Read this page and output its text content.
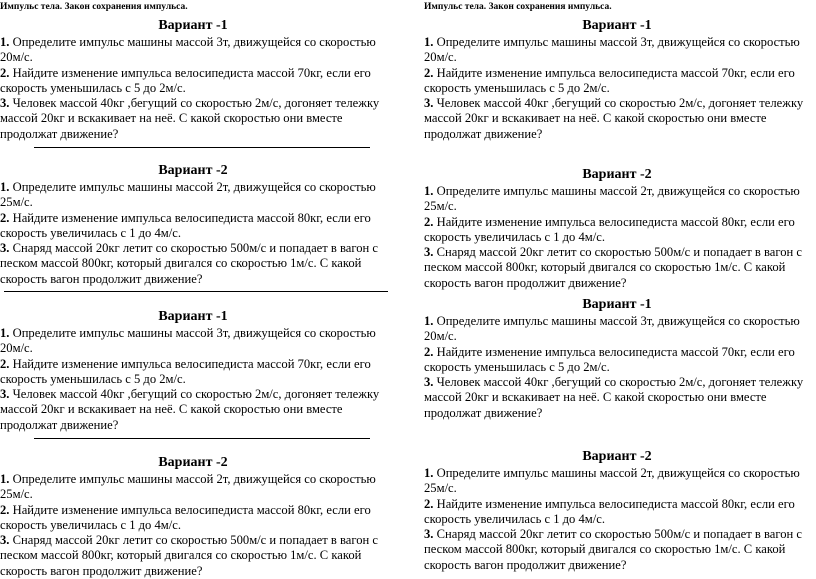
Импульс тела. Закон сохранения импульса.
Вариант -1

1. Определите импульс машины массой 3т, движущейся со скоростью 20м/с.

2. Найдите изменение импульса велосипедиста массой 70кг, если его скорость уменьшилась с 5 до 2м/с.

3. Человек массой 40кг ,бегущий со скоростью 2м/с, догоняет тележку массой 20кг и вскакивает на неё. С какой скоростью они вместе продолжат движение?

Вариант -2

1. Определите импульс машины массой 2т, движущейся со скоростью 25м/с.

2. Найдите изменение импульса велосипедиста массой 80кг, если его скорость увеличилась с 1 до 4м/с.

3. Снаряд массой 20кг летит со скоростью 500м/с и попадает в вагон с песком массой 800кг, который двигался со скоростью 1м/с. С какой скорость вагон продолжит движение?

Вариант -1

1. Определите импульс машины массой 3т, движущейся со скоростью 20м/с.

2. Найдите изменение импульса велосипедиста массой 70кг, если его скорость уменьшилась с 5 до 2м/с.

3. Человек массой 40кг ,бегущий со скоростью 2м/с, догоняет тележку массой 20кг и вскакивает на неё. С какой скоростью они вместе продолжат движение?

Вариант -2

1. Определите импульс машины массой 2т, движущейся со скоростью 25м/с.

2. Найдите изменение импульса велосипедиста массой 80кг, если его скорость увеличилась с 1 до 4м/с.

3. Снаряд массой 20кг летит со скоростью 500м/с и попадает в вагон с песком массой 800кг, который двигался со скоростью 1м/с. С какой скорость вагон продолжит движение?

Импульс тела. Закон сохранения импульса.
Вариант -1

1. Определите импульс машины массой 3т, движущейся со скоростью 20м/с.

2. Найдите изменение импульса велосипедиста массой 70кг, если его скорость уменьшилась с 5 до 2м/с.

3. Человек массой 40кг ,бегущий со скоростью 2м/с, догоняет тележку массой 20кг и вскакивает на неё. С какой скоростью они вместе продолжат движение?

Вариант -2

1. Определите импульс машины массой 2т, движущейся со скоростью 25м/с.

2. Найдите изменение импульса велосипедиста массой 80кг, если его скорость увеличилась с 1 до 4м/с.

3. Снаряд массой 20кг летит со скоростью 500м/с и попадает в вагон с песком массой 800кг, который двигался со скоростью 1м/с. С какой скорость вагон продолжит движение?

Вариант -1

1. Определите импульс машины массой 3т, движущейся со скоростью 20м/с.

2. Найдите изменение импульса велосипедиста массой 70кг, если его скорость уменьшилась с 5 до 2м/с.

3. Человек массой 40кг ,бегущий со скоростью 2м/с, догоняет тележку массой 20кг и вскакивает на неё. С какой скоростью они вместе продолжат движение?

Вариант -2

1. Определите импульс машины массой 2т, движущейся со скоростью 25м/с.

2. Найдите изменение импульса велосипедиста массой 80кг, если его скорость увеличилась с 1 до 4м/с.

3. Снаряд массой 20кг летит со скоростью 500м/с и попадает в вагон с песком массой 800кг, который двигался со скоростью 1м/с. С какой скорость вагон продолжит движение?
